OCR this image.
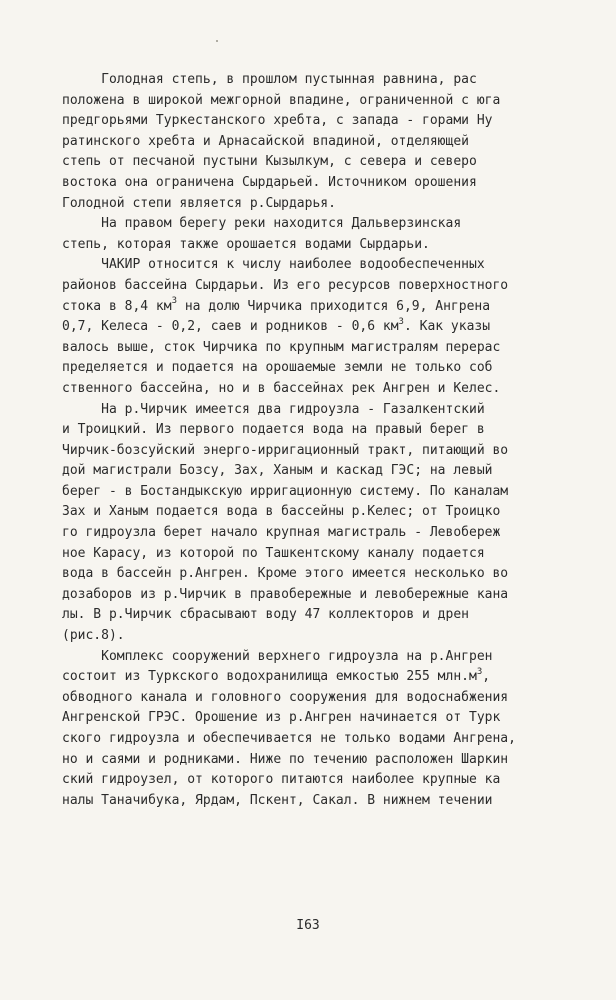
Голодная степь, в прошлом пустынная равнина, рас
положена в широкой межгорной впадине, ограниченной с юга
предгорьями Туркестанского хребта, с запада - горами Ну
ратинского хребта и Арнасайской впадиной, отделяющей
степь от песчаной пустыни Кызылкум, с севера и северо
востока она ограничена Сырдарьей. Источником орошения
Голодной степи является р.Сырдарья.
На правом берегу реки находится Дальверзинская
степь, которая также орошается водами Сырдарьи.
ЧАКИР относится к числу наиболее водообеспеченных
районов бассейна Сырдарьи. Из его ресурсов поверхностного
стока в 8,4 $км^3$ на долю Чирчика приходится 6,9, Ангрена
0,7, Келеса - 0,2, саев и родников - 0,6 $км^3$. Как указы
валось выше, сток Чирчика по крупным магистралям перерас
пределяется и подается на орошаемые земли не только соб
ственного бассейна, но и в бассейнах рек Ангрен и Келес.
На р.Чирчик имеется два гидроузла - Газалкентский
и Троицкий. Из первого подается вода на правый берег в
Чирчик-бозсуйский энерго-ирригационный тракт, питающий во
дой магистрали Бозсу, Зах, Ханым и каскад ГЭС; на левый
берег - в Бостандыкскую ирригационную систему. По каналам
Зах и Ханым подается вода в бассейны р.Келес; от Троицко
го гидроузла берет начало крупная магистраль - Левобереж
ное Карасу, из которой по Ташкентскому каналу подается
вода в бассейн р.Ангрен. Кроме этого имеется несколько во
дозаборов из р.Чирчик в правобережные и левобережные кана
лы. В р.Чирчик сбрасывают воду 47 коллекторов и дрен
(рис.8).
Комплекс сооружений верхнего гидроузла на р.Ангрен
состоит из Туркского водохранилища емкостью 255 $млн.м^3$,
обводного канала и головного сооружения для водоснабжения
Ангренской ГРЭС. Орошение из р.Ангрен начинается от Турк
ского гидроузла и обеспечивается не только водами Ангрена,
но и саями и родниками. Ниже по течению расположен Шаркин
ский гидроузел, от которого питаются наиболее крупные ка
налы Таначибука, Ярдам, Пскент, Сакал. В нижнем течении
I63
